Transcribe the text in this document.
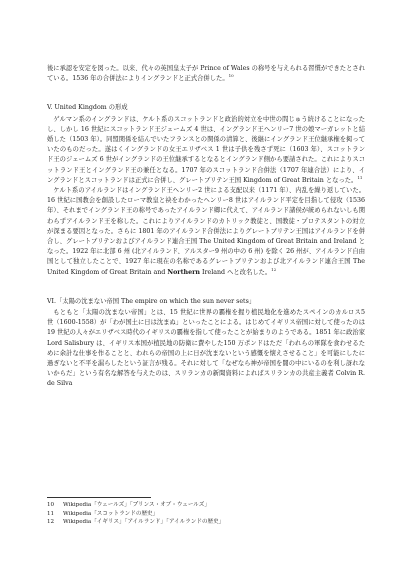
後に承認を安定を図った。以来、代々の英国皇太子が Prince of Wales の称号を与えられる習慣ができたとされている。1536 年の合併法によりイングランドと正式合併した。$^{10}$

V. United Kingdom の形成

ゲルマン系のイングランドは、ケルト系のスコットランドと政治的対立を中世の間じゅう続けることになったし、しかし 16 世紀にスコットランド王ジェームズ 4 世は、イングランド王ヘンリー7 世の娘マーガレットと結婚した（1503 年）。同盟関係を結んでいたフランスとの関係の清算と、後継にイングランド王位継承権を掲っていたのものだった。遂はくイングランドの女王エリザベス 1 世は子供を残さず死に（1603 年）、スコットランド王のジェームズ 6 世がイングランドの王位継承するとなるとイングランド側から要請された。これによりスコットランド王とイングランド王の兼任となる。1707 年のスコットランド合併法（1707 年連合法）により、イングランドとスコットランドは正式に合併し、グレートブリテン王国 Kingdom of Great Britain となった。$^{11}$

ケルト系のアイルランドはイングランド王ヘンリー2 世による支配以来（1171 年）、内乱を繰り返していた。16 世紀に国教会を創設したローマ教皇と袂をわかったヘンリー8 世はアイルランド平定を目指して侵攻（1536 年）、それまでイングランド王の称号であったアイルランド卿に代えて、アイルランド諸侯が統められないしも関わらずアイルランド王を称した。これによりアイルランドのカトリック教徒と、国教徒・プロテスタントの対立が深まる要因となった。さらに 1801 年のアイルランド合併法によりグレートブリテン王国はアイルランドを併合し、グレートブリテンおよびアイルランド連合王国 The United Kingdom of Great Britain and Ireland となった。1922 年に北部 6 州 (北アイルランド、アルスター9 州の中の 6 州) を除く 26 州が、アイルランド自由国として独立したことで、1927 年に現在の名称であるグレートブリテンおよび北アイルランド連合王国 The United Kingdom of Great Britain and Northern Ireland へと改名した。$^{12}$

VI.「太陽の沈まない帝国 The empire on which the sun never sets」

もともと「太陽の沈まない帝国」とは、15 世紀に世界の覇権を握り植民地化を進めたスペインのカルロス5 世（1600-1558）が「わが国土に日は沈まぬ」といったことによる。はじめてイギリス帝国に対して使ったのは 19 世紀の人々がエリザベス時代のイギリスの覇権を指して使ったことが始まりのようである。1851 年に政治家 Lord Salisbury は、イギリス本国が植民地の防衛に費やした150 万ポンドはただ「われらの軍隊を食わせるために余計な仕事を作ることと、われらの帝国の上に日が沈まないという感慨を懐えさせること」を可能にしたに過ぎないと不平を漏らしたという証言が残る。それに対して「なぜなら神が帝国を闇の中にいるのを利し訝れないからだ」という有名な解答を与えたのは、スリランカの新聞資料によればスリランカの共産主義者 Colvin R. de Silva

10 Wikipedia「ウェールズ」「プリンス・オブ・ウェールズ」

11 Wikipedia「スコットランドの歴史」

12 Wikipedia「イギリス」「アイルランド」「アイルランドの歴史」
